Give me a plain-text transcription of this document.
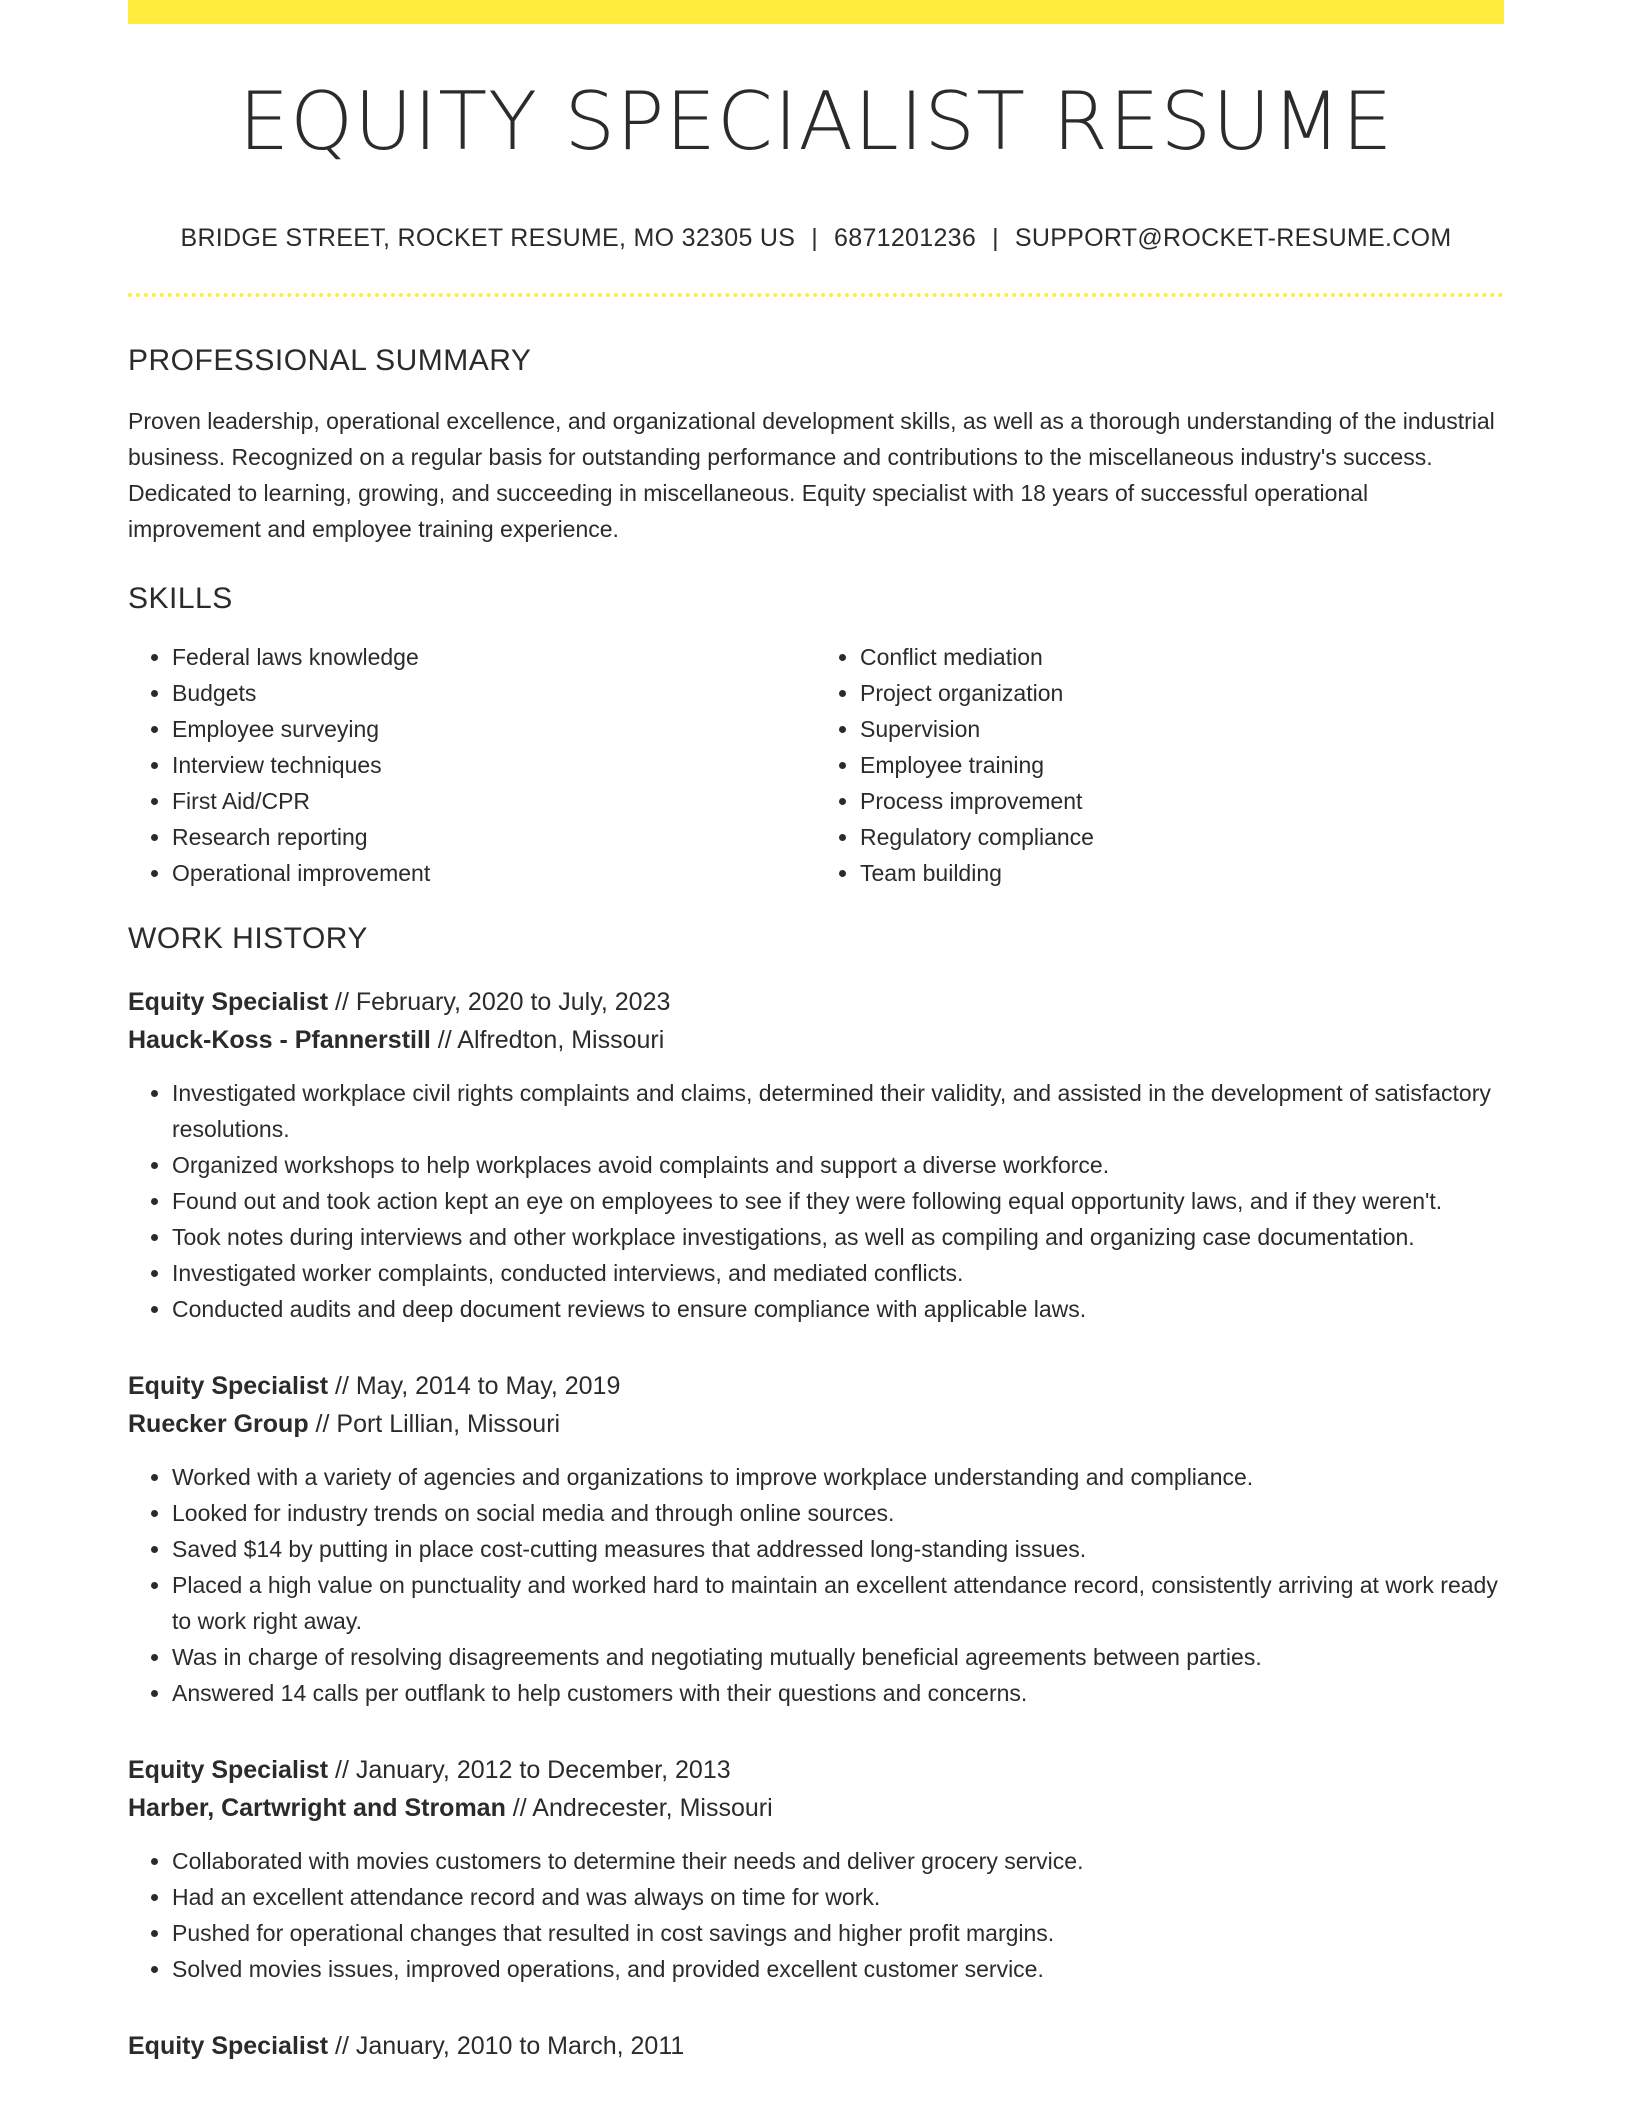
EQUITY SPECIALIST RESUME
BRIDGE STREET, ROCKET RESUME, MO 32305 US | 6871201236 | SUPPORT@ROCKET-RESUME.COM
PROFESSIONAL SUMMARY

Proven leadership, operational excellence, and organizational development skills, as well as a thorough understanding of the industrial business. Recognized on a regular basis for outstanding performance and contributions to the miscellaneous industry's success. Dedicated to learning, growing, and succeeding in miscellaneous. Equity specialist with 18 years of successful operational improvement and employee training experience.

SKILLS
• Federal laws knowledge
• Budgets
• Employee surveying
• Interview techniques
• First Aid/CPR
• Research reporting
• Operational improvement
• Conflict mediation
• Project organization
• Supervision
• Employee training
• Process improvement
• Regulatory compliance
• Team building
WORK HISTORY
Equity Specialist // February, 2020 to July, 2023
Hauck-Koss - Pfannerstill // Alfredton, Missouri
• Investigated workplace civil rights complaints and claims, determined their validity, and assisted in the development of satisfactory resolutions.
• Organized workshops to help workplaces avoid complaints and support a diverse workforce.
• Found out and took action kept an eye on employees to see if they were following equal opportunity laws, and if they weren't.
• Took notes during interviews and other workplace investigations, as well as compiling and organizing case documentation.
• Investigated worker complaints, conducted interviews, and mediated conflicts.
• Conducted audits and deep document reviews to ensure compliance with applicable laws.
Equity Specialist // May, 2014 to May, 2019
Ruecker Group // Port Lillian, Missouri
• Worked with a variety of agencies and organizations to improve workplace understanding and compliance.
• Looked for industry trends on social media and through online sources.
• Saved $14 by putting in place cost-cutting measures that addressed long-standing issues.
• Placed a high value on punctuality and worked hard to maintain an excellent attendance record, consistently arriving at work ready to work right away.
• Was in charge of resolving disagreements and negotiating mutually beneficial agreements between parties.
• Answered 14 calls per outflank to help customers with their questions and concerns.
Equity Specialist // January, 2012 to December, 2013
Harber, Cartwright and Stroman // Andrecester, Missouri
• Collaborated with movies customers to determine their needs and deliver grocery service.
• Had an excellent attendance record and was always on time for work.
• Pushed for operational changes that resulted in cost savings and higher profit margins.
• Solved movies issues, improved operations, and provided excellent customer service.
Equity Specialist // January, 2010 to March, 2011
